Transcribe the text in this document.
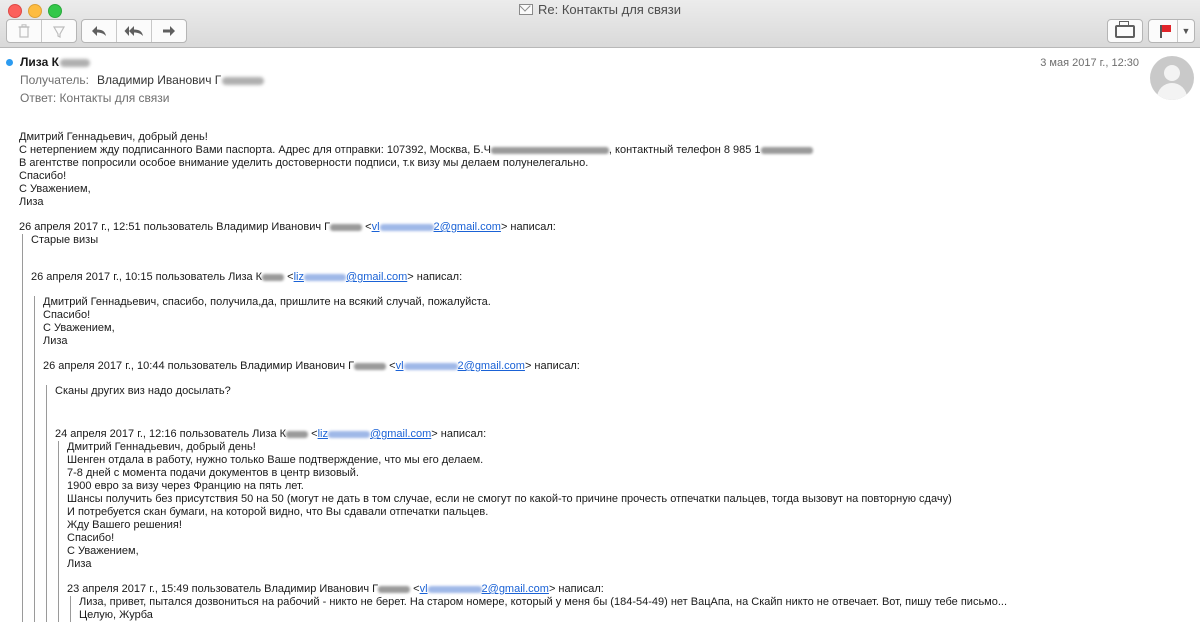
Re: Контакты для связи
▼
Лиза К
Получатель: Владимир Иванович Г
Ответ: Контакты для связи
3 мая 2017 г., 12:30
Дмитрий Геннадьевич, добрый день!
С нетерпением жду подписанного Вами паспорта. Адрес для отправки: 107392, Москва, Б.Ч	, контактный телефон 8 985 1
В агентстве попросили особое внимание уделить достоверности подписи, т.к визу мы делаем полунелегально.
Спасибо!
С Уважением,
Лиза
26 апреля 2017 г., 12:51 пользователь Владимир Иванович Г	<vl	2@gmail.com> написал:
Старые визы
26 апреля 2017 г., 10:15 пользователь Лиза К <liz	@gmail.com> написал:
Дмитрий Геннадьевич, спасибо, получила,да, пришлите на всякий случай, пожалуйста.
Спасибо!
С Уважением,
Лиза
26 апреля 2017 г., 10:44 пользователь Владимир Иванович Г	<vl	2@gmail.com> написал:
Сканы других виз надо досылать?
24 апреля 2017 г., 12:16 пользователь Лиза К <liz	@gmail.com> написал:
Дмитрий Геннадьевич, добрый день!
Шенген отдала в работу, нужно только Ваше подтверждение, что мы его делаем.
7-8 дней с момента подачи документов в центр визовый.
1900 евро за визу через Францию на пять лет.
Шансы получить без присутствия 50 на 50 (могут не дать в том случае, если не смогут по какой-то причине прочесть отпечатки пальцев, тогда вызовут на повторную сдачу)
И потребуется скан бумаги, на которой видно, что Вы сдавали отпечатки пальцев.
Жду Вашего решения!
Спасибо!
С Уважением,
Лиза
23 апреля 2017 г., 15:49 пользователь Владимир Иванович Г	<vl	2@gmail.com> написал:
Лиза, привет, пытался дозвониться на рабочий - никто не берет. На старом номере, который у меня бы (184-54-49) нет ВацАпа, на Скайп никто не отвечает. Вот, пишу тебе письмо...
Целую, Журба
